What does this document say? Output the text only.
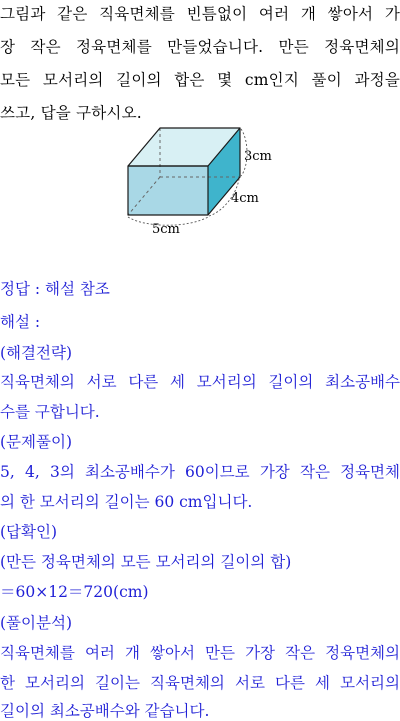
그림과 같은 직육면체를 빈틈없이 여러 개 쌓아서 가
장 작은 정육면체를 만들었습니다. 만든 정육면체의
모든 모서리의 길이의 합은 몇 cm인지 풀이 과정을
쓰고, 답을 구하시오.
3cm
4cm
5cm
정답 : 해설 참조
해설 :
(해결전략)
직육면체의 서로 다른 세 모서리의 길이의 최소공배수
수를 구합니다.
(문제풀이)
5, 4, 3의 최소공배수가 60이므로 가장 작은 정육면체
의 한 모서리의 길이는 60 cm입니다.
(답확인)
(만든 정육면체의 모든 모서리의 길이의 합)
＝60×12＝720(cm)
(풀이분석)
직육면체를 여러 개 쌓아서 만든 가장 작은 정육면체의
한 모서리의 길이는 직육면체의 서로 다른 세 모서리의
길이의 최소공배수와 같습니다.
